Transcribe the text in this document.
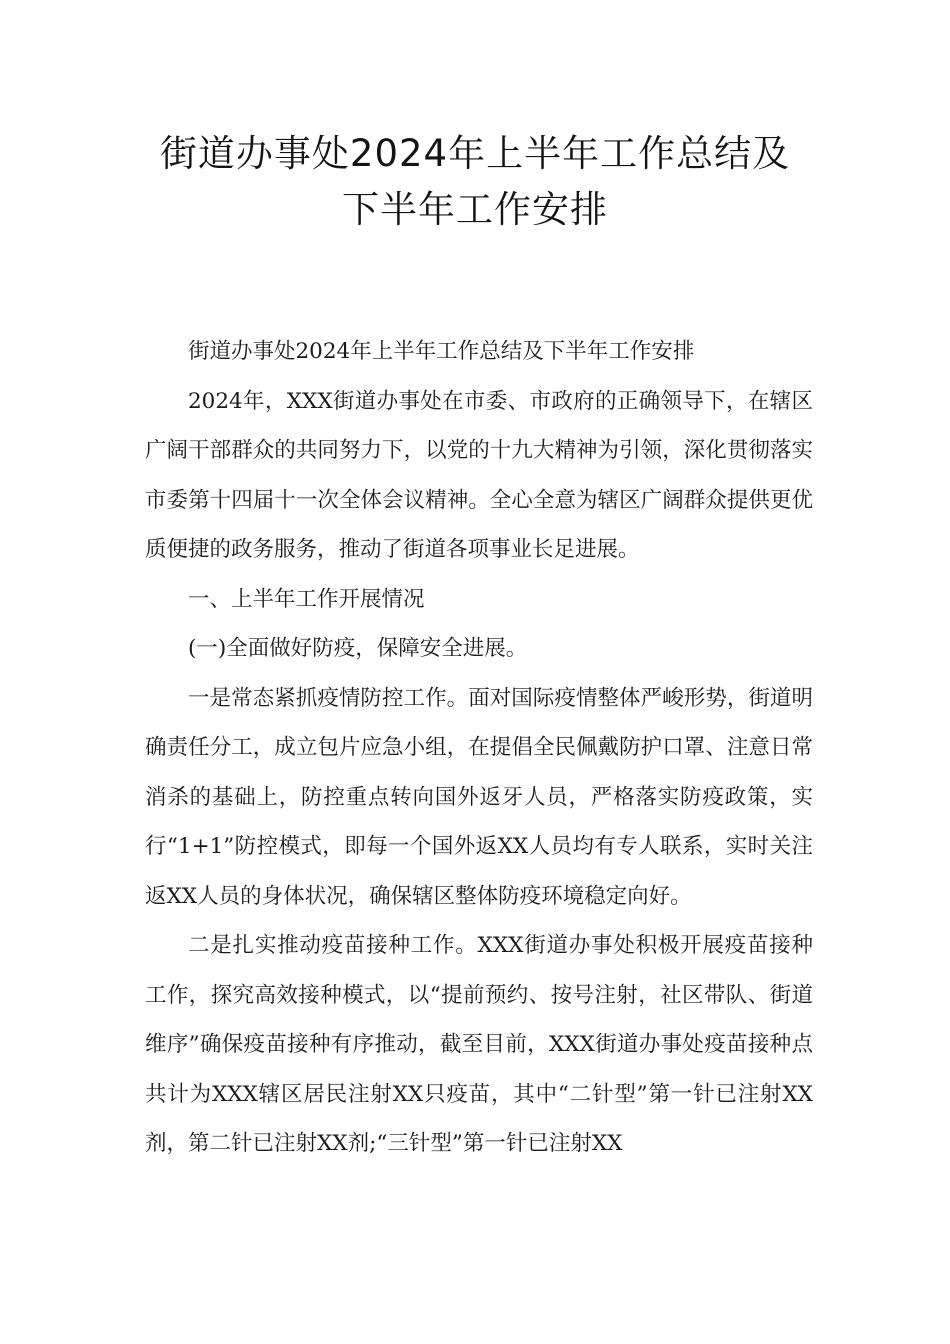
街道办事处2024年上半年工作总结及
下半年工作安排

街道办事处2024年上半年工作总结及下半年工作安排

2024年，XXX街道办事处在市委、市政府的正确领导下，在辖区广阔干部群众的共同努力下，以党的十九大精神为引领，深化贯彻落实市委第十四届十一次全体会议精神。全心全意为辖区广阔群众提供更优质便捷的政务服务，推动了街道各项事业长足进展。

一、上半年工作开展情况

(一)全面做好防疫，保障安全进展。

一是常态紧抓疫情防控工作。面对国际疫情整体严峻形势，街道明确责任分工，成立包片应急小组，在提倡全民佩戴防护口罩、注意日常消杀的基础上，防控重点转向国外返牙人员，严格落实防疫政策，实行“1+1”防控模式，即每一个国外返XX人员均有专人联系，实时关注返XX人员的身体状况，确保辖区整体防疫环境稳定向好。

二是扎实推动疫苗接种工作。XXX街道办事处积极开展疫苗接种工作，探究高效接种模式，以“提前预约、按号注射，社区带队、街道维序”确保疫苗接种有序推动，截至目前，XXX街道办事处疫苗接种点共计为XXX辖区居民注射XX只疫苗，其中“二针型”第一针已注射XX剂，第二针已注射XX剂;“三针型”第一针已注射XX
